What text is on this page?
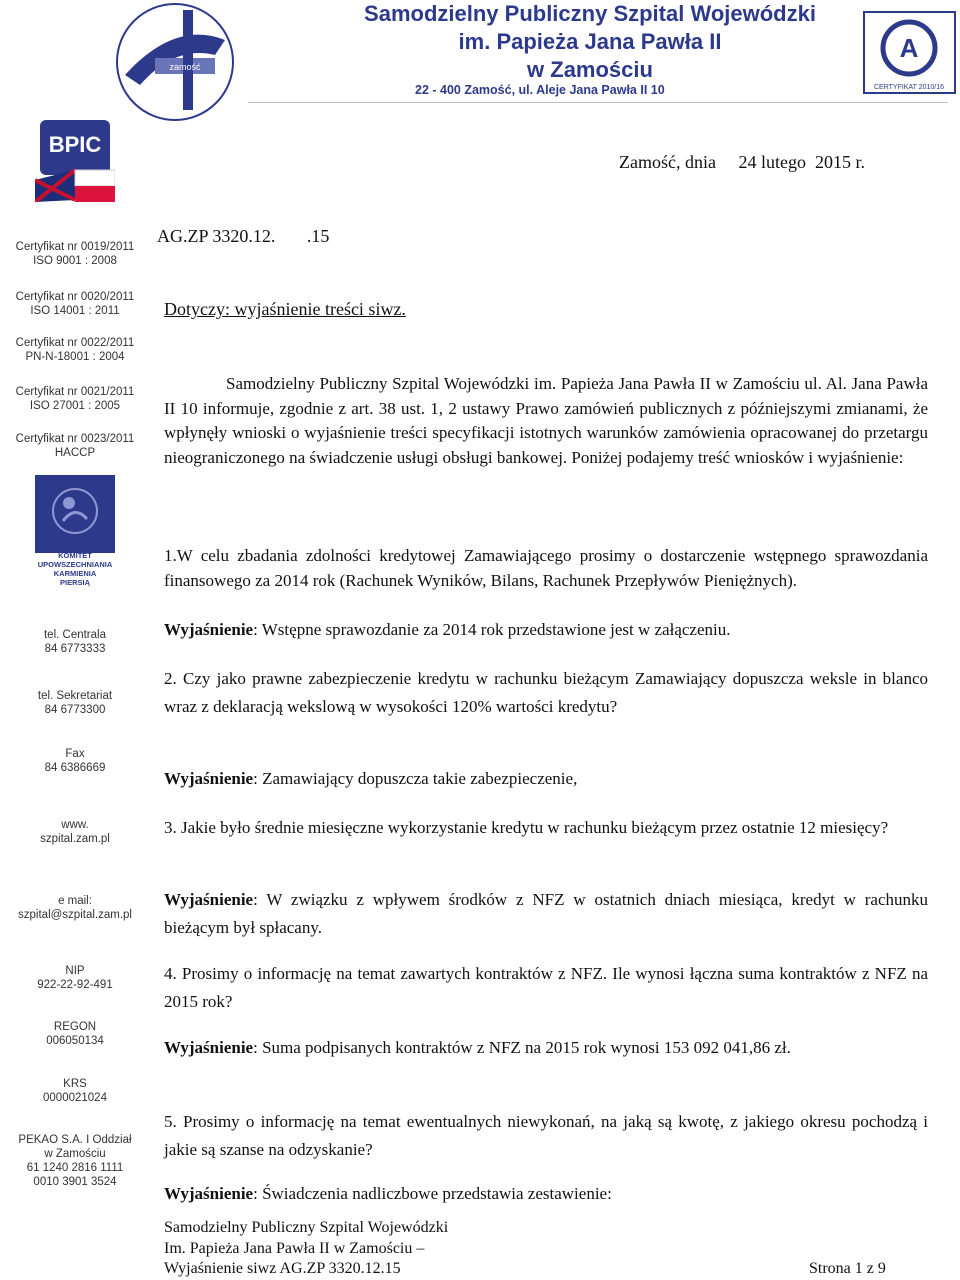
zamość
Samodzielny Publiczny Szpital Wojewódzki
im. Papieża Jana Pawła II
w Zamościu
22 - 400 Zamość, ul. Aleje Jana Pawła II 10
A
CERTYFIKAT 2010/16
BPIC
Certyfikat nr 0019/2011
ISO 9001 : 2008
Certyfikat nr 0020/2011
ISO 14001 : 2011
Certyfikat nr 0022/2011
PN-N-18001 : 2004
Certyfikat nr 0021/2011
ISO 27001 : 2005
Certyfikat nr 0023/2011
HACCP
KOMITET
UPOWSZECHNIANIA
KARMIENIA
PIERSIĄ
tel. Centrala
84 6773333
tel. Sekretariat
84 6773300
Fax
84 6386669
www.
szpital.zam.pl
e mail:
szpital@szpital.zam.pl
NIP
922-22-92-491
REGON
006050134
KRS
0000021024
PEKAO S.A. I Oddział
w Zamościu
61 1240 2816 1111
0010 3901 3524
Zamość, dnia     24 lutego  2015 r.
AG.ZP 3320.12.       .15
Dotyczy: wyjaśnienie treści siwz.
Samodzielny Publiczny Szpital Wojewódzki im. Papieża Jana Pawła II w Zamościu ul. Al. Jana Pawła II 10 informuje, zgodnie z art. 38 ust. 1, 2 ustawy Prawo zamówień publicznych z późniejszymi zmianami, że wpłynęły wnioski o wyjaśnienie treści specyfikacji istotnych warunków zamówienia opracowanej do przetargu nieograniczonego na świadczenie usługi obsługi bankowej. Poniżej podajemy treść wniosków i wyjaśnienie:
1.W celu zbadania zdolności kredytowej Zamawiającego prosimy o dostarczenie wstępnego sprawozdania finansowego za 2014 rok (Rachunek Wyników, Bilans, Rachunek Przepływów Pieniężnych).
Wyjaśnienie: Wstępne sprawozdanie za 2014 rok przedstawione jest w załączeniu.
2. Czy jako prawne zabezpieczenie kredytu w rachunku bieżącym Zamawiający dopuszcza weksle in blanco wraz z deklaracją wekslową w wysokości 120% wartości kredytu?
Wyjaśnienie: Zamawiający dopuszcza takie zabezpieczenie,
3. Jakie było średnie miesięczne wykorzystanie kredytu w rachunku bieżącym przez ostatnie 12 miesięcy?
Wyjaśnienie: W związku z wpływem środków z NFZ w ostatnich dniach miesiąca, kredyt w rachunku bieżącym był spłacany.
4. Prosimy o informację na temat zawartych kontraktów z NFZ. Ile wynosi łączna suma kontraktów z NFZ na 2015 rok?
Wyjaśnienie: Suma podpisanych kontraktów z NFZ na 2015 rok wynosi 153 092 041,86 zł.
5. Prosimy o informację na temat ewentualnych niewykonań, na jaką są kwotę, z jakiego okresu pochodzą i jakie są szanse na odzyskanie?
Wyjaśnienie: Świadczenia nadliczbowe przedstawia zestawienie:
Samodzielny Publiczny Szpital Wojewódzki
Im. Papieża Jana Pawła II w Zamościu –
Wyjaśnienie siwz AG.ZP 3320.12.15	Strona 1 z 9
